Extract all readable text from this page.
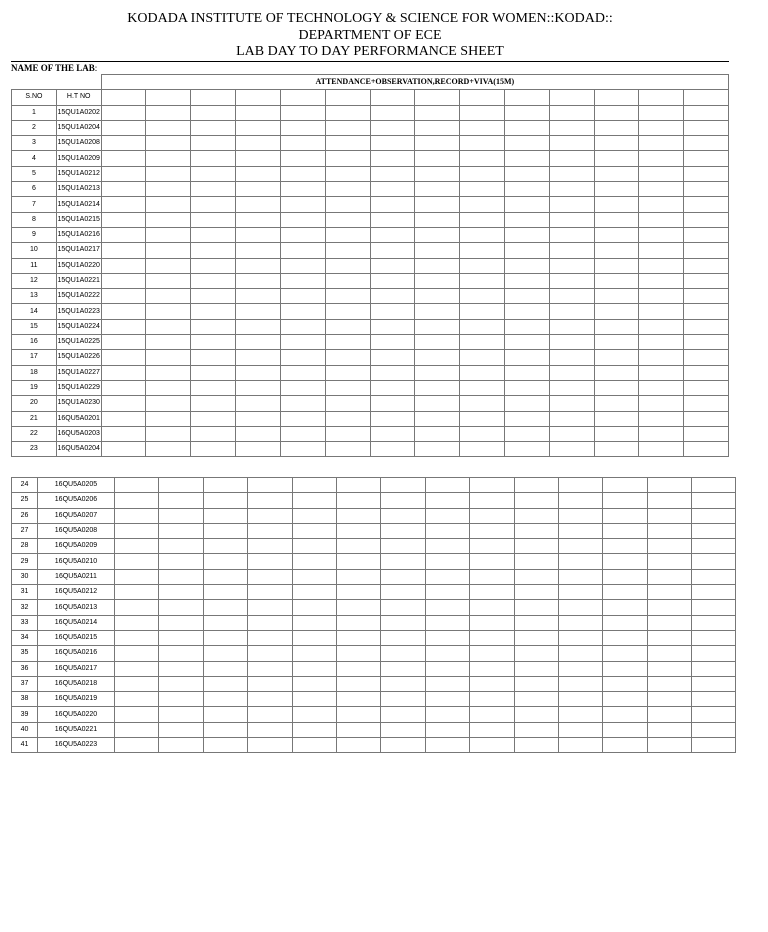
KODADA INSTITUTE OF TECHNOLOGY & SCIENCE FOR WOMEN::KODAD::
DEPARTMENT OF ECE
LAB DAY TO DAY PERFORMANCE SHEET
NAME OF THE LAB:
		ATTENDANCE+OBSERVATION,RECORD+VIVA(15M)													
S.NO	H.T NO														
1	15QU1A0202														
2	15QU1A0204														
3	15QU1A0208														
4	15QU1A0209														
5	15QU1A0212														
6	15QU1A0213														
7	15QU1A0214														
8	15QU1A0215														
9	15QU1A0216														
10	15QU1A0217														
11	15QU1A0220														
12	15QU1A0221														
13	15QU1A0222														
14	15QU1A0223														
15	15QU1A0224														
16	15QU1A0225														
17	15QU1A0226														
18	15QU1A0227														
19	15QU1A0229														
20	15QU1A0230														
21	16QU5A0201														
22	16QU5A0203														
23	16QU5A0204														
24	16QU5A0205														
25	16QU5A0206														
26	16QU5A0207														
27	16QU5A0208														
28	16QU5A0209														
29	16QU5A0210														
30	16QU5A0211														
31	16QU5A0212														
32	16QU5A0213														
33	16QU5A0214														
34	16QU5A0215														
35	16QU5A0216														
36	16QU5A0217														
37	16QU5A0218														
38	16QU5A0219														
39	16QU5A0220														
40	16QU5A0221														
41	16QU5A0223														
